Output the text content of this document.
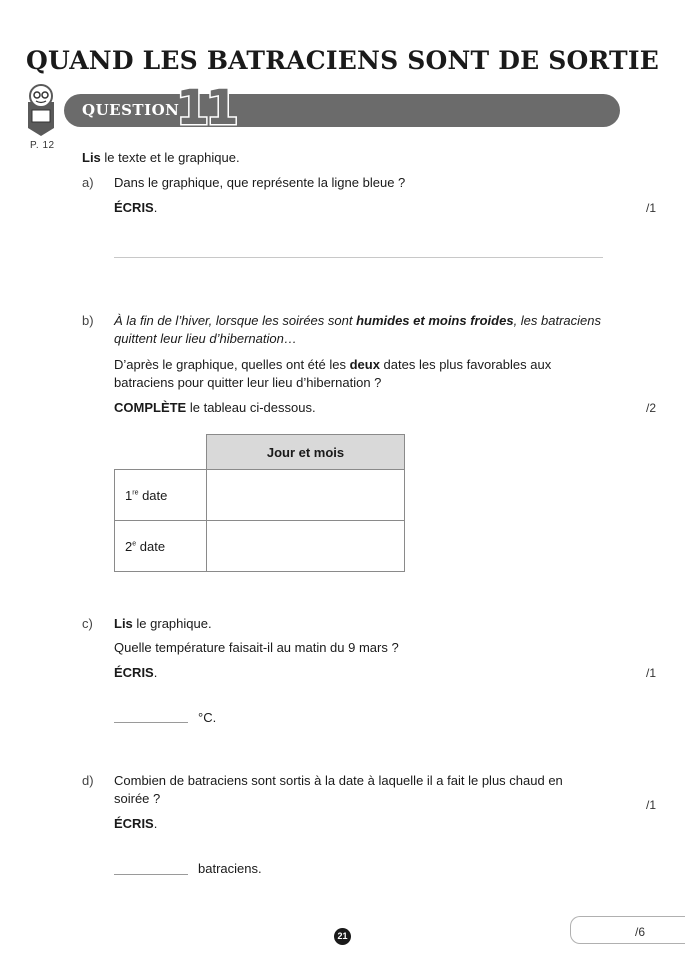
QUAND LES BATRACIENS SONT DE SORTIE
QUESTION
11
P. 12
Lis le texte et le graphique.
a) Dans le graphique, que représente la ligne bleue ?
ÉCRIS.	/1
b) À la fin de l’hiver, lorsque les soirées sont humides et moins froides, les batraciens
quittent leur lieu d’hibernation…
D’après le graphique, quelles ont été les deux dates les plus favorables aux
batraciens pour quitter leur lieu d’hibernation ?
COMPLÈTE le tableau ci-dessous.	/2
	Jour et mois
1re date	
2e date	
c) Lis le graphique.
Quelle température faisait-il au matin du 9 mars ?
ÉCRIS.	/1
°C.
d) Combien de batraciens sont sortis à la date à laquelle il a fait le plus chaud en
soirée ?	/1
ÉCRIS.
batraciens.
21	/6
